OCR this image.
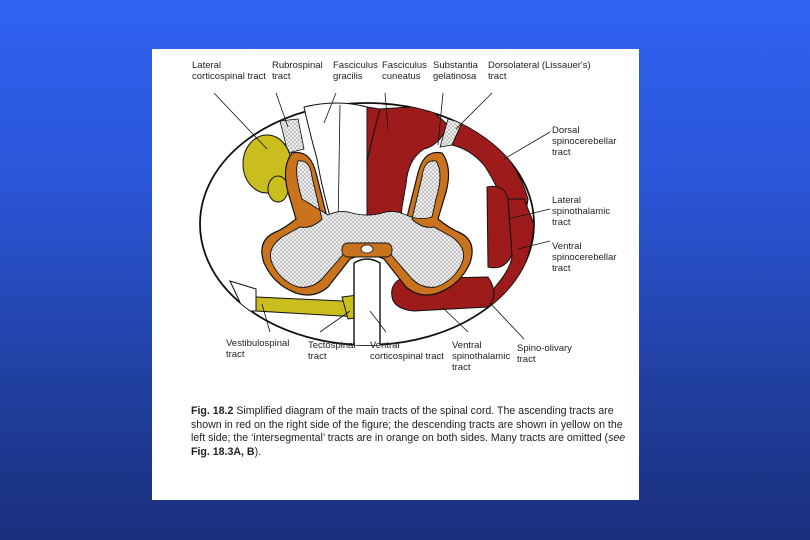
Lateral corticospinal tract
Rubrospinal tract
Fasciculus gracilis
Fasciculus cuneatus
Substantia gelatinosa
Dorsolateral (Lissauer's) tract
Dorsal spinocerebellar tract
Lateral spinothalamic tract
Ventral spinocerebellar tract
Vestibulospinal tract
Tectospinal tract
Ventral corticospinal tract
Ventral spinothalamic tract
Spino-olivary tract
Fig. 18.2 Simplified diagram of the main tracts of the spinal cord. The ascending tracts are shown in red on the right side of the figure; the descending tracts are shown in yellow on the left side; the ‘intersegmental’ tracts are in orange on both sides. Many tracts are omitted (see Fig. 18.3A, B).
